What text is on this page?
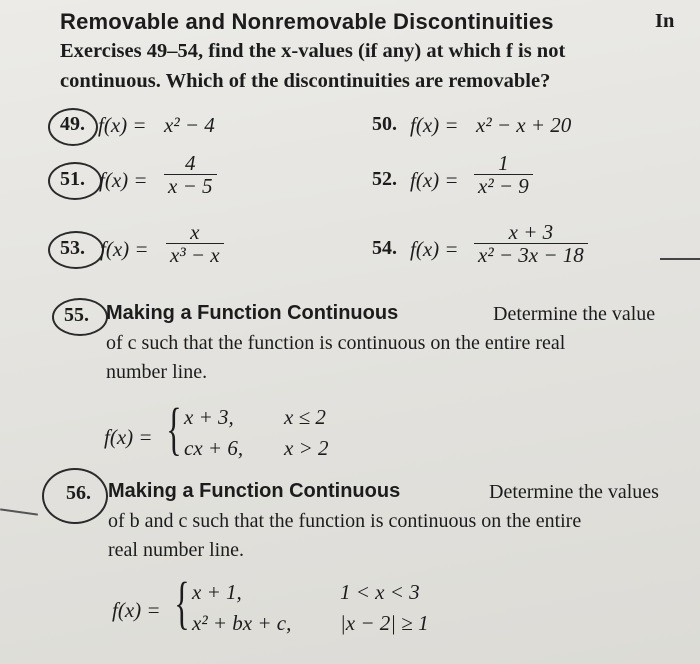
Removable and Nonremovable Discontinuities	In
Exercises 49–54, find the x-values (if any) at which f is not
continuous. Which of the discontinuities are removable?
49. f(x) = x² − 4	50. f(x) = x² − x + 20
51. $f(x) = \frac{4}{x - 5}$	52. $f(x) = \frac{1}{\text{x² − 9}}$
53. $f(x) = \frac{x}{\text{x³ − x}}$	54. $f(x) = \frac{x + 3}{\text{x² − 3x − 18}}$
55. Making a Function Continuous	Determine the value
of c such that the function is continuous on the entire real
number line.
f(x) = { x + 3, x ≤ 2
cx + 6, x > 2
56. Making a Function Continuous	Determine the values
of b and c such that the function is continuous on the entire
real number line.
f(x) = { x + 1,	1 < x < 3
x² + bx + c, |x − 2| ≥ 1
